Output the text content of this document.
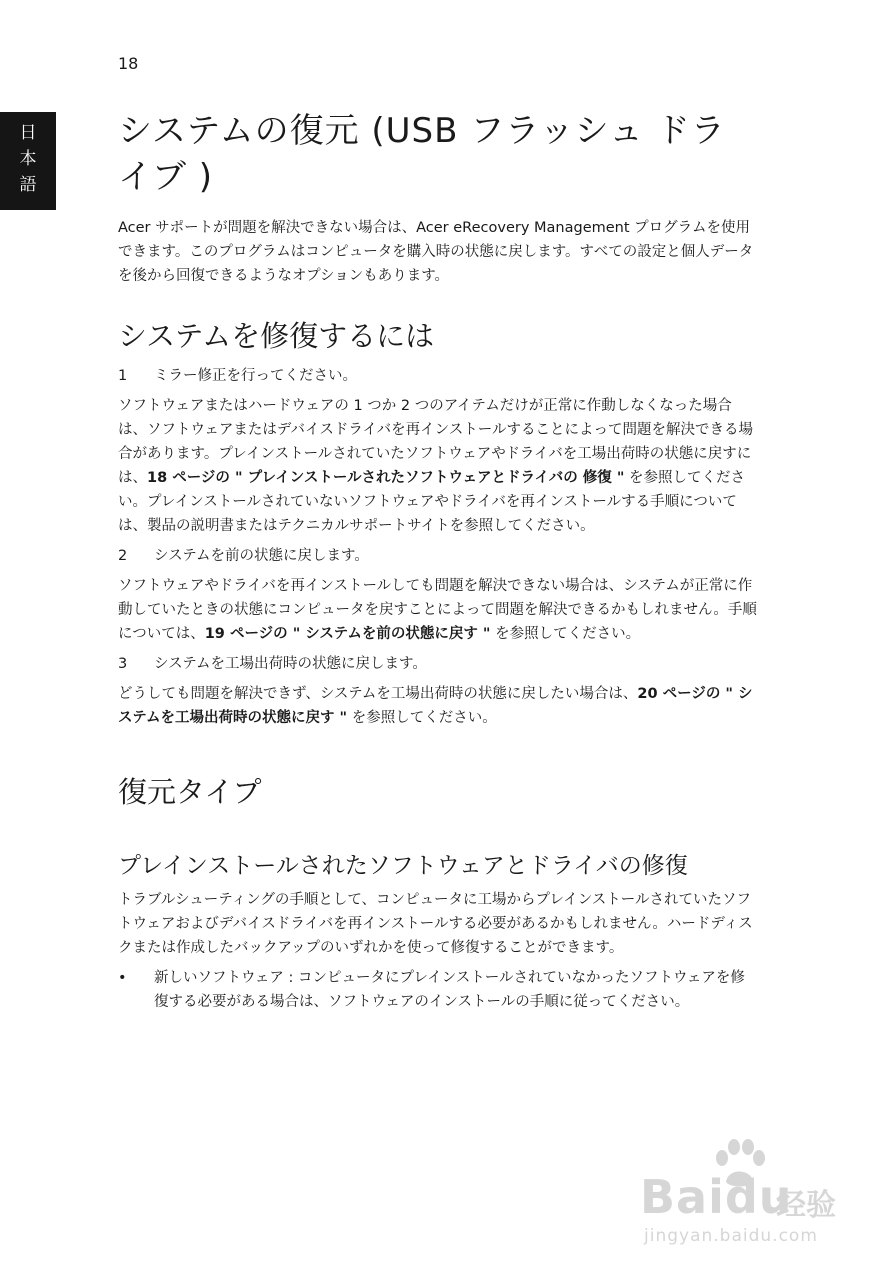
18
日
本
語
システムの復元 (USB フラッシュ ドライブ )

Acer サポートが問題を解決できない場合は、Acer eRecovery Management プログラムを使用できます。このプログラムはコンピュータを購入時の状態に戻します。すべての設定と個人データを後から回復できるようなオプションもあります。

システムを修復するには
1	ミラー修正を行ってください。

ソフトウェアまたはハードウェアの 1 つか 2 つのアイテムだけが正常に作動しなくなった場合は、ソフトウェアまたはデバイスドライバを再インストールすることによって問題を解決できる場合があります。プレインストールされていたソフトウェアやドライバを工場出荷時の状態に戻すには、18 ページの " プレインストールされたソフトウェアとドライバの 修復 " を参照してください。プレインストールされていないソフトウェアやドライバを再インストールする手順については、製品の説明書またはテクニカルサポートサイトを参照してください。

2	システムを前の状態に戻します。

ソフトウェアやドライバを再インストールしても問題を解決できない場合は、システムが正常に作動していたときの状態にコンピュータを戻すことによって問題を解決できるかもしれません。手順については、19 ページの " システムを前の状態に戻す " を参照してください。

3	システムを工場出荷時の状態に戻します。

どうしても問題を解決できず、システムを工場出荷時の状態に戻したい場合は、20 ページの " システムを工場出荷時の状態に戻す " を参照してください。

復元タイプ
プレインストールされたソフトウェアとドライバの修復

トラブルシューティングの手順として、コンピュータに工場からプレインストールされていたソフトウェアおよびデバイスドライバを再インストールする必要があるかもしれません。ハードディスクまたは作成したバックアップのいずれかを使って修復することができます。

•	新しいソフトウェア : コンピュータにプレインストールされていなかったソフトウェアを修復する必要がある場合は、ソフトウェアのインストールの手順に従ってください。
Baidu
经验
jingyan.baidu.com
